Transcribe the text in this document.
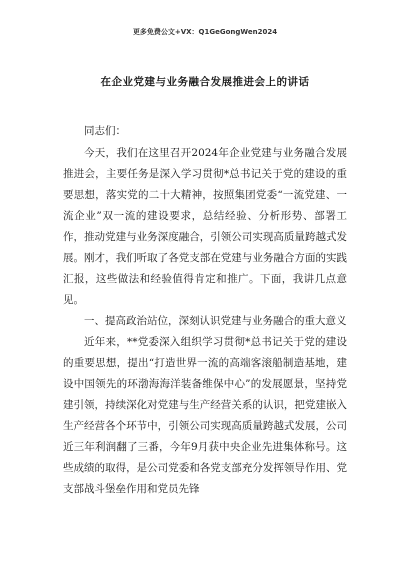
更多免费公文+VX：Q1GeGongWen2024
在企业党建与业务融合发展推进会上的讲话

同志们：

今天，我们在这里召开2024年企业党建与业务融合发展推进会，主要任务是深入学习贯彻*总书记关于党的建设的重要思想，落实党的二十大精神，按照集团党委“一流党建、一流企业”双一流的建设要求，总结经验、分析形势、部署工作，推动党建与业务深度融合，引领公司实现高质量跨越式发展。刚才，我们听取了各党支部在党建与业务融合方面的实践汇报，这些做法和经验值得肯定和推广。下面，我讲几点意见。

一、提高政治站位，深刻认识党建与业务融合的重大意义

近年来，**党委深入组织学习贯彻*总书记关于党的建设的重要思想，提出“打造世界一流的高端客滚船制造基地，建设中国领先的环渤海海洋装备维保中心”的发展愿景，坚持党建引领，持续深化对党建与生产经营关系的认识，把党建嵌入生产经营各个环节中，引领公司实现高质量跨越式发展，公司近三年利润翻了三番，今年9月获中央企业先进集体称号。这些成绩的取得，是公司党委和各党支部充分发挥领导作用、党支部战斗堡垒作用和党员先锋
